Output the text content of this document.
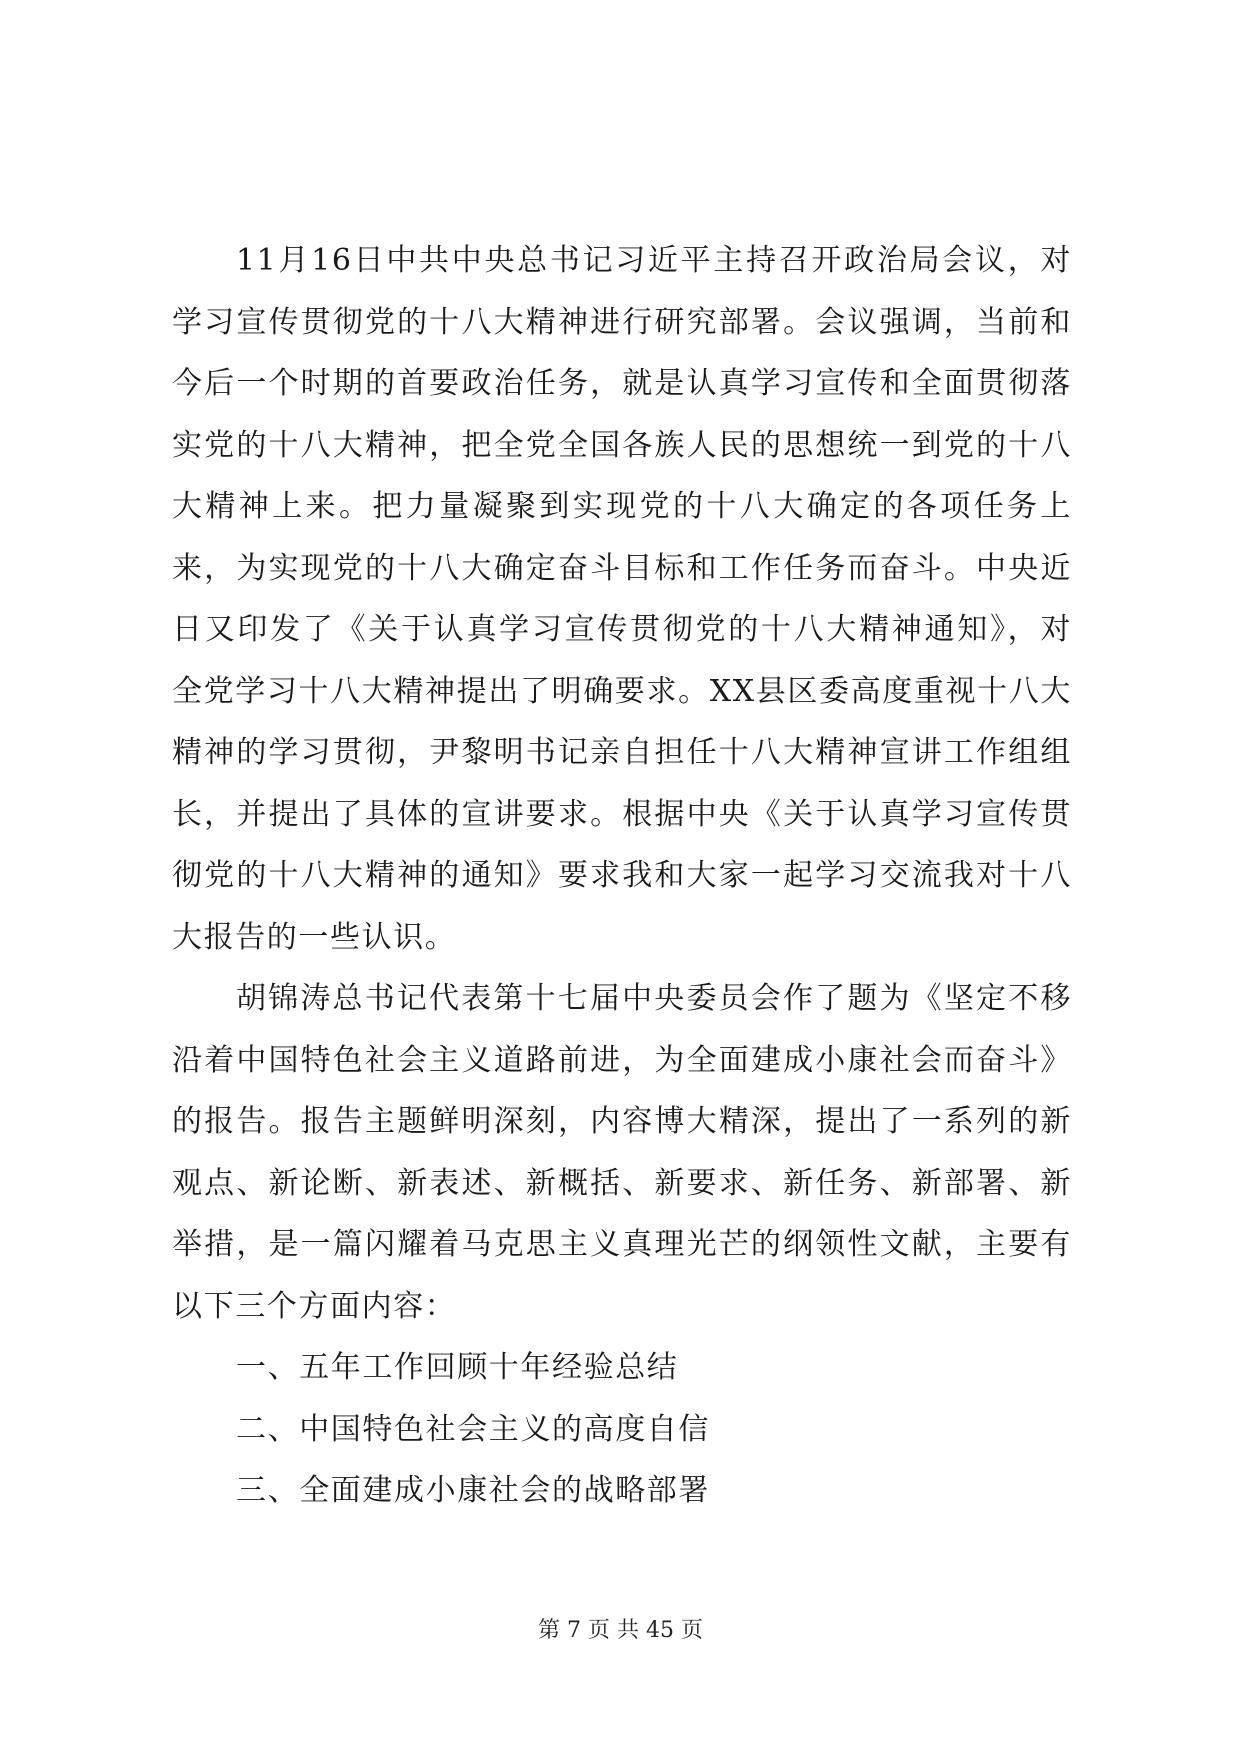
11月16日中共中央总书记习近平主持召开政治局会议，对学习宣传贯彻党的十八大精神进行研究部署。会议强调，当前和今后一个时期的首要政治任务，就是认真学习宣传和全面贯彻落实党的十八大精神，把全党全国各族人民的思想统一到党的十八大精神上来。把力量凝聚到实现党的十八大确定的各项任务上来，为实现党的十八大确定奋斗目标和工作任务而奋斗。中央近日又印发了《关于认真学习宣传贯彻党的十八大精神通知》，对全党学习十八大精神提出了明确要求。XX县区委高度重视十八大精神的学习贯彻，尹黎明书记亲自担任十八大精神宣讲工作组组长，并提出了具体的宣讲要求。根据中央《关于认真学习宣传贯彻党的十八大精神的通知》要求我和大家一起学习交流我对十八大报告的一些认识。

胡锦涛总书记代表第十七届中央委员会作了题为《坚定不移沿着中国特色社会主义道路前进，为全面建成小康社会而奋斗》的报告。报告主题鲜明深刻，内容博大精深，提出了一系列的新观点、新论断、新表述、新概括、新要求、新任务、新部署、新举措，是一篇闪耀着马克思主义真理光芒的纲领性文献，主要有以下三个方面内容：

一、五年工作回顾十年经验总结

二、中国特色社会主义的高度自信

三、全面建成小康社会的战略部署

第 7 页 共 45 页
